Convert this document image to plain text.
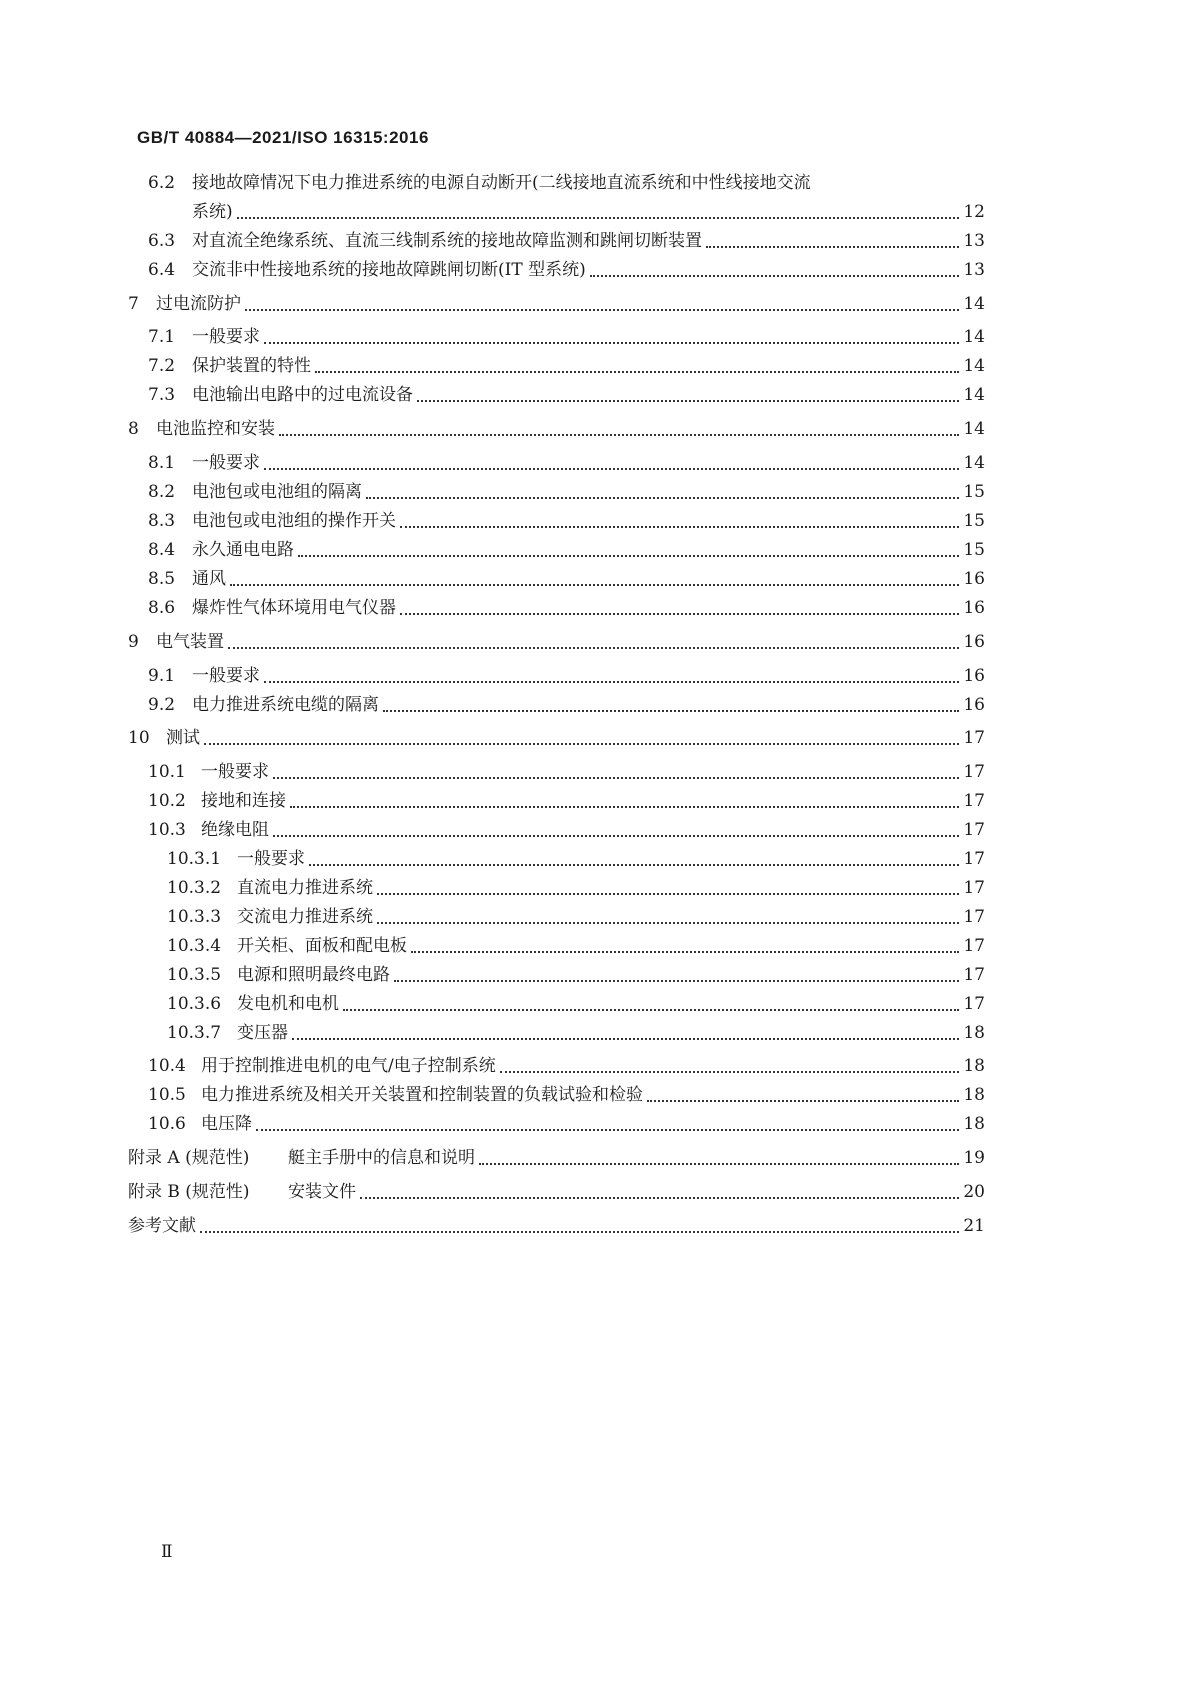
GB/T 40884—2021/ISO 16315:2016
6.2 接地故障情况下电力推进系统的电源自动断开(二线接地直流系统和中性线接地交流
系统)	12
6.3 对直流全绝缘系统、直流三线制系统的接地故障监测和跳闸切断装置	13
6.4 交流非中性接地系统的接地故障跳闸切断(IT 型系统)	13
7 过电流防护	14
7.1 一般要求	14
7.2 保护装置的特性	14
7.3 电池输出电路中的过电流设备	14
8 电池监控和安装	14
8.1 一般要求	14
8.2 电池包或电池组的隔离	15
8.3 电池包或电池组的操作开关	15
8.4 永久通电电路	15
8.5 通风	16
8.6 爆炸性气体环境用电气仪器	16
9 电气装置	16
9.1 一般要求	16
9.2 电力推进系统电缆的隔离	16
10 测试	17
10.1 一般要求	17
10.2 接地和连接	17
10.3 绝缘电阻	17
10.3.1 一般要求	17
10.3.2 直流电力推进系统	17
10.3.3 交流电力推进系统	17
10.3.4 开关柜、面板和配电板	17
10.3.5 电源和照明最终电路	17
10.3.6 发电机和电机	17
10.3.7 变压器	18
10.4 用于控制推进电机的电气/电子控制系统	18
10.5 电力推进系统及相关开关装置和控制装置的负载试验和检验	18
10.6 电压降	18
附录 A (规范性) 艇主手册中的信息和说明	19
附录 B (规范性) 安装文件	20
参考文献	21
Ⅱ
